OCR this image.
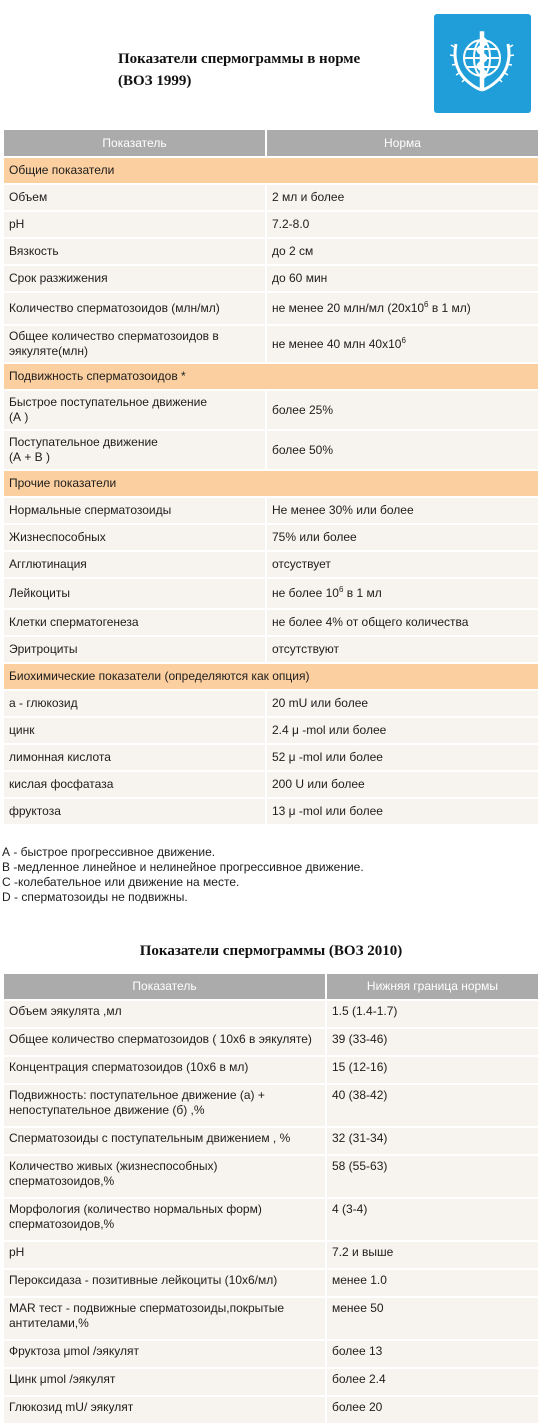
Показатели спермограммы в норме
(ВОЗ 1999)
Показатель	Норма
Общие показатели	
Объем	2 мл и более
pH	7.2-8.0
Вязкость	до 2 см
Срок разжижения	до 60 мин
Количество сперматозоидов (млн/мл)	не менее 20 млн/мл ($20x10^6$ в 1 мл)
Общее количество сперматозоидов в эякуляте(млн)	не менее 40 млн $40x10^6$
Подвижность сперматозоидов *	
Быстрое поступательное движение
(А )	более 25%
Поступательное движение
(А + В )	более 50%
Прочие показатели	
Нормальные сперматозоиды	Не менее 30% или более
Жизнеспособных	75% или более
Агглютинация	отсуствует
Лейкоциты	не более $10^6$ в 1 мл
Клетки сперматогенеза	не более 4% от общего количества
Эритроциты	отсутствуют
Биохимические показатели (определяются как опция)	
a - глюкозид	20 mU или более
цинк	2.4 μ -mol или более
лимонная кислота	52 μ -mol или более
кислая фосфатаза	200 U или более
фруктоза	13 μ -mol или более
А - быстрое прогрессивное движение.
В -медленное линейное и нелинейное прогрессивное движение.
С -колебательное или движение на месте.
D - сперматозоиды не подвижны.
Показатели спермограммы (ВОЗ 2010)
Показатель	Нижняя граница нормы
Объем эякулята ,мл	1.5 (1.4-1.7)
Общее количество сперматозоидов ( 10х6 в эякуляте)	39 (33-46)
Концентрация сперматозоидов (10х6 в мл)	15 (12-16)
Подвижность: поступательное движение (а) + непоступательное движение (б) ,%	40 (38-42)
Сперматозоиды с поступательным движением , %	32 (31-34)
Количество живых (жизнеспособных) сперматозоидов,%	58 (55-63)
Морфология (количество нормальных форм) сперматозоидов,%	4 (3-4)
pH	7.2 и выше
Пероксидаза - позитивные лейкоциты (10х6/мл)	менее 1.0
MAR тест - подвижные сперматозоиды,покрытые антителами,%	менее 50
Фруктоза μmol /эякулят	более 13
Цинк μmol /эякулят	более 2.4
Глюкозид mU/ эякулят	более 20
